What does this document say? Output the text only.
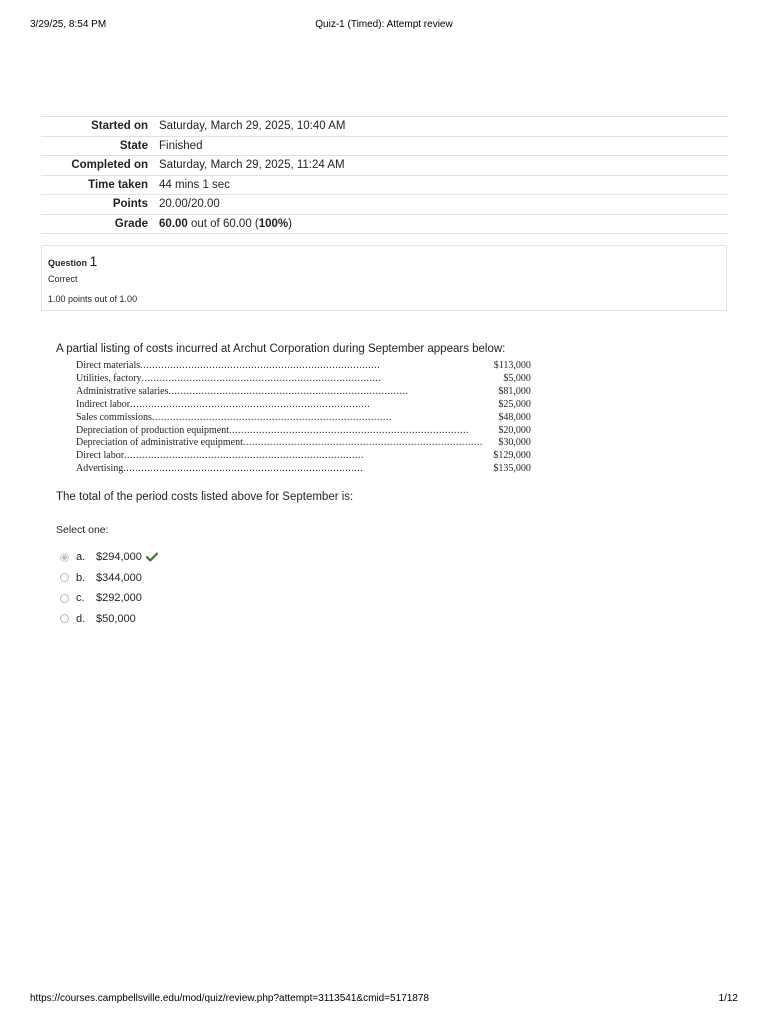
3/29/25, 8:54 PM	Quiz-1 (Timed): Attempt review
Started on	Saturday, March 29, 2025, 10:40 AM
State	Finished
Completed on	Saturday, March 29, 2025, 11:24 AM
Time taken	44 mins 1 sec
Points	20.00/20.00
Grade	60.00 out of 60.00 (100%)
Question 1
Correct
1.00 points out of 1.00
A partial listing of costs incurred at Archut Corporation during September appears below:
Direct materials................................................................................	$113,000
Utilities, factory................................................................................	$5,000
Administrative salaries................................................................................	$81,000
Indirect labor................................................................................	$25,000
Sales commissions................................................................................	$48,000
Depreciation of production equipment................................................................................	$20,000
Depreciation of administrative equipment................................................................................	$30,000
Direct labor................................................................................	$129,000
Advertising................................................................................	$135,000
The total of the period costs listed above for September is:
Select one:
a. $294,000
b. $344,000
c.	$292,000
d. $50,000
https://courses.campbellsville.edu/mod/quiz/review.php?attempt=3113541&cmid=5171878	1/12
